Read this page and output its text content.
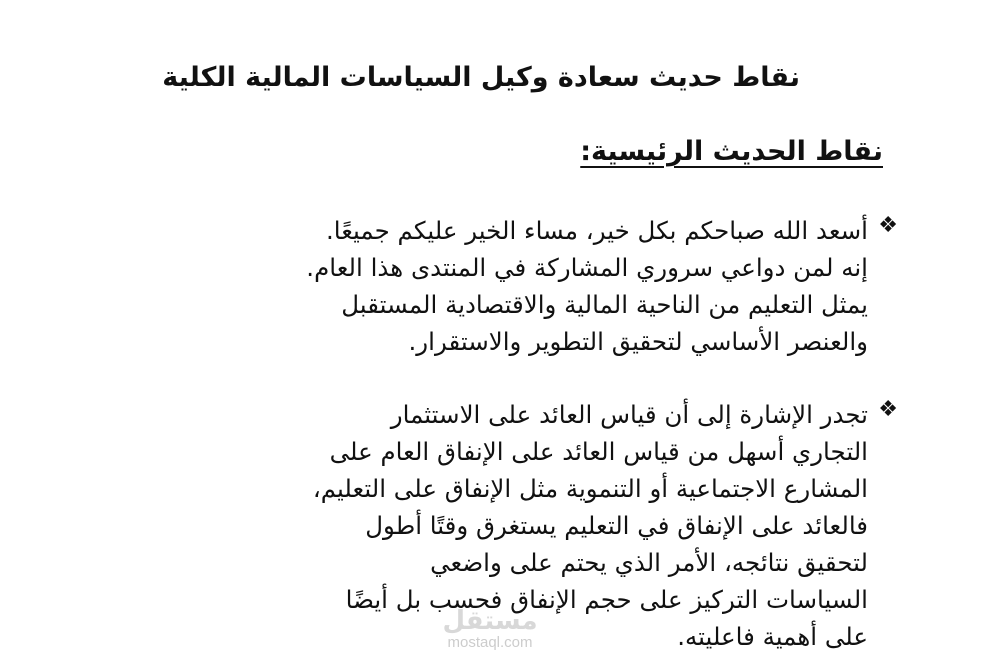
نقاط حديث سعادة وكيل السياسات المالية الكلية
نقاط الحديث الرئيسية:
❖
أسعد الله صباحكم بكل خير، مساء الخير عليكم جميعًا.
إنه لمن دواعي سروري المشاركة في المنتدى هذا العام.
يمثل التعليم من الناحية المالية والاقتصادية المستقبل
والعنصر الأساسي لتحقيق التطوير والاستقرار.
❖
تجدر الإشارة إلى أن قياس العائد على الاستثمار
التجاري أسهل من قياس العائد على الإنفاق العام على
المشارع الاجتماعية أو التنموية مثل الإنفاق على التعليم،
فالعائد على الإنفاق في التعليم يستغرق وقتًا أطول
لتحقيق نتائجه، الأمر الذي يحتم على واضعي
السياسات التركيز على حجم الإنفاق فحسب بل أيضًا
على أهمية فاعليته.
مستقل
mostaql.com
